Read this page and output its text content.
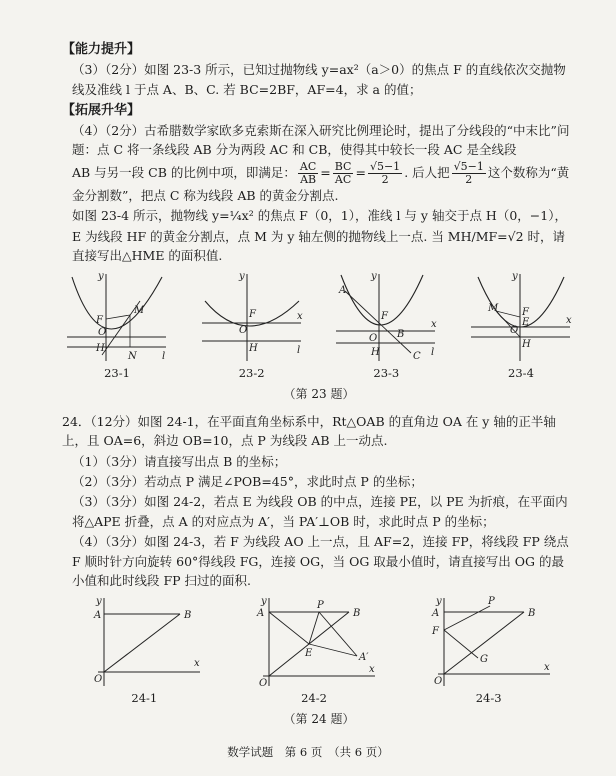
【能力提升】

（3）（2分）如图 23-3 所示，已知过抛物线 y=ax²（a＞0）的焦点 F 的直线依次交抛物线及准线 l 于点 A、B、C. 若 BC=2BF，AF=4，求 a 的值；

【拓展升华】

（4）（2分）古希腊数学家欧多克索斯在深入研究比例理论时，提出了分线段的“中末比”问题：点 C 将一条线段 AB 分为两段 AC 和 CB，使得其中较长一段 AC 是全线段

AB 与另一段 CB 的比例中项，即满足： $\frac{AC}{AB} = \frac{BC}{AC} = \frac{√5-1}{2}$ . 后人把 $\frac{√5-1}{2}$ 这个数称为“黄金分割数”，把点 C 称为线段 AB 的黄金分割点.

如图 23-4 所示，抛物线 y=¼x² 的焦点 F（0，1），准线 l 与 y 轴交于点 H（0，−1），

E 为线段 HF 的黄金分割点，点 M 为 y 轴左侧的抛物线上一点. 当 MH/MF=√2 时，请直接写出△HME 的面积值.

y
F
O
H
M
N	l
23-1
y
x
F
O
H	l
23-2
y
x
A
F
B
C
O
H	l
23-3
y
x
M F
E
O
H
23-4
（第 23 题）

24．（12分）如图 24-1，在平面直角坐标系中，Rt△OAB 的直角边 OA 在 y 轴的正半轴上，且 OA=6，斜边 OB=10，点 P 为线段 AB 上一动点.

（1）（3分）请直接写出点 B 的坐标；

（2）（3分）若动点 P 满足∠POB=45°，求此时点 P 的坐标；

（3）（3分）如图 24-2，若点 E 为线段 OB 的中点，连接 PE，以 PE 为折痕，在平面内将△APE 折叠，点 A 的对应点为 A′，当 PA′⊥OB 时，求此时点 P 的坐标；

（4）（3分）如图 24-3，若 F 为线段 AO 上一点，且 AF=2，连接 FP，将线段 FP 绕点 F 顺时针方向旋转 60°得线段 FG，连接 OG，当 OG 取最小值时，请直接写出 OG 的最小值和此时线段 FP 扫过的面积.

y
A	B
O
x
24-1
y
A
P
B
E	A′
O
x
24-2
y
A
F
P
B
G
O
x
24-3
（第 24 题）
数学试题　第 6 页　（共 6 页）
